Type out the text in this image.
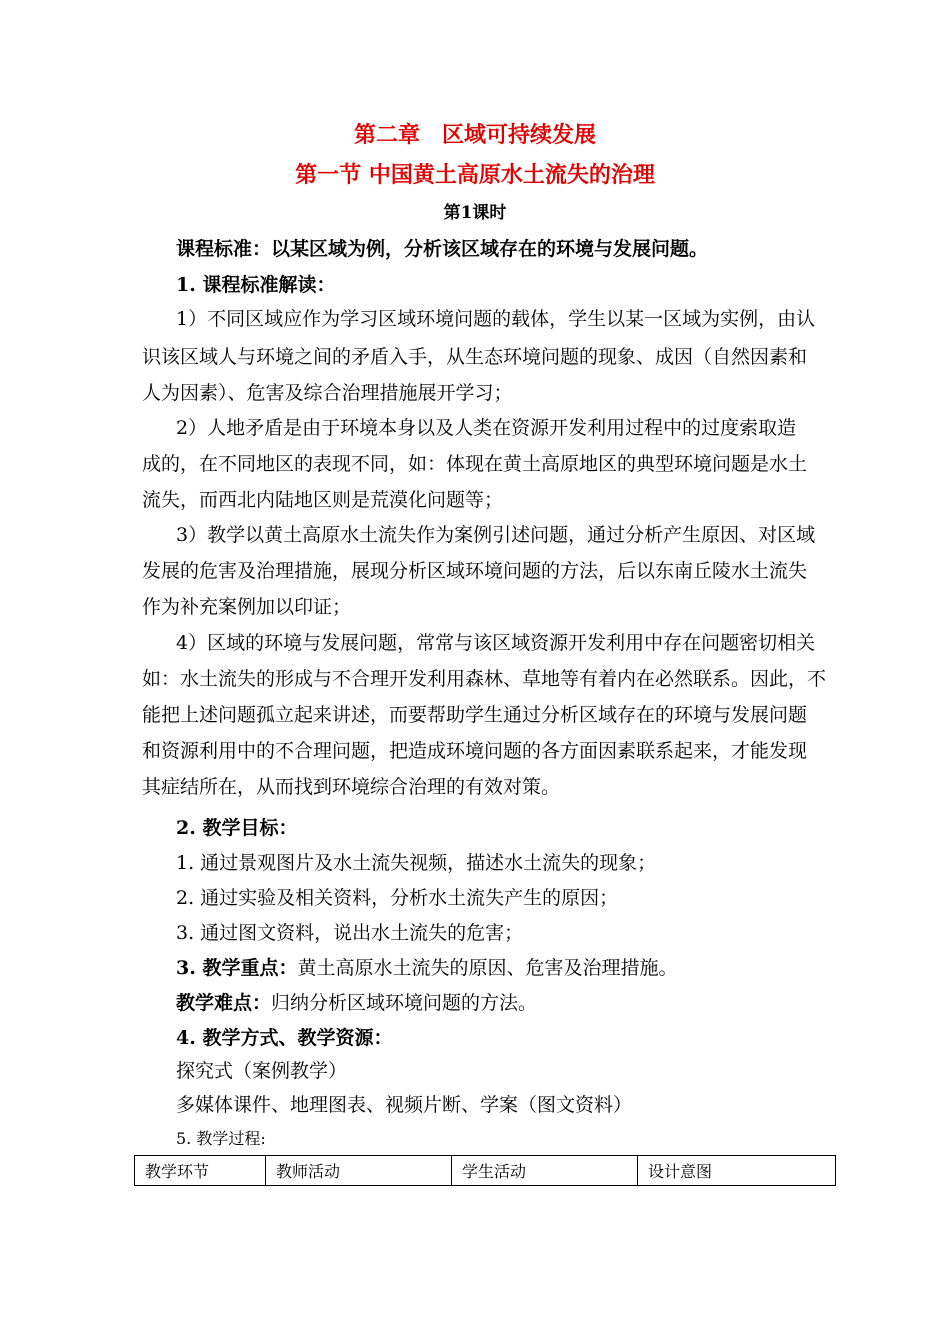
第二章　区域可持续发展
第一节 中国黄土高原水土流失的治理
第1课时
课程标准：以某区域为例，分析该区域存在的环境与发展问题。
1. 课程标准解读：
1）不同区域应作为学习区域环境问题的载体，学生以某一区域为实例，由认
识该区域人与环境之间的矛盾入手，从生态环境问题的现象、成因（自然因素和
人为因素）、危害及综合治理措施展开学习；
2）人地矛盾是由于环境本身以及人类在资源开发利用过程中的过度索取造
成的，在不同地区的表现不同，如：体现在黄土高原地区的典型环境问题是水土
流失，而西北内陆地区则是荒漠化问题等；
3）教学以黄土高原水土流失作为案例引述问题，通过分析产生原因、对区域
发展的危害及治理措施，展现分析区域环境问题的方法，后以东南丘陵水土流失
作为补充案例加以印证；
4）区域的环境与发展问题，常常与该区域资源开发利用中存在问题密切相关
如：水土流失的形成与不合理开发利用森林、草地等有着内在必然联系。因此，不
能把上述问题孤立起来讲述，而要帮助学生通过分析区域存在的环境与发展问题
和资源利用中的不合理问题，把造成环境问题的各方面因素联系起来，才能发现
其症结所在，从而找到环境综合治理的有效对策。
2. 教学目标：
1. 通过景观图片及水土流失视频，描述水土流失的现象；
2. 通过实验及相关资料，分析水土流失产生的原因；
3. 通过图文资料，说出水土流失的危害；
3. 教学重点：黄土高原水土流失的原因、危害及治理措施。
教学难点：归纳分析区域环境问题的方法。
4. 教学方式、教学资源：
探究式（案例教学）
多媒体课件、地理图表、视频片断、学案（图文资料）
5. 教学过程:
教学环节	教师活动	学生活动	设计意图
